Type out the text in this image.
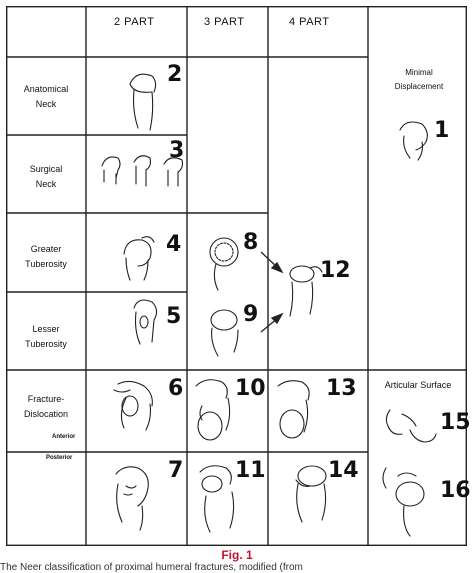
2 PART	3 PART	4 PART
Anatomical
Neck
Surgical
Neck
Greater
Tuberosity
Lesser
Tuberosity
Fracture-
Dislocation
Anterior
Posterior
Minimal
Displacement
Articular Surface
1
2
3
4
5
6
7
8
9
10
11
12
13
14
15
16
Fig. 1
The Neer classification of proximal humeral fractures, modified (from
